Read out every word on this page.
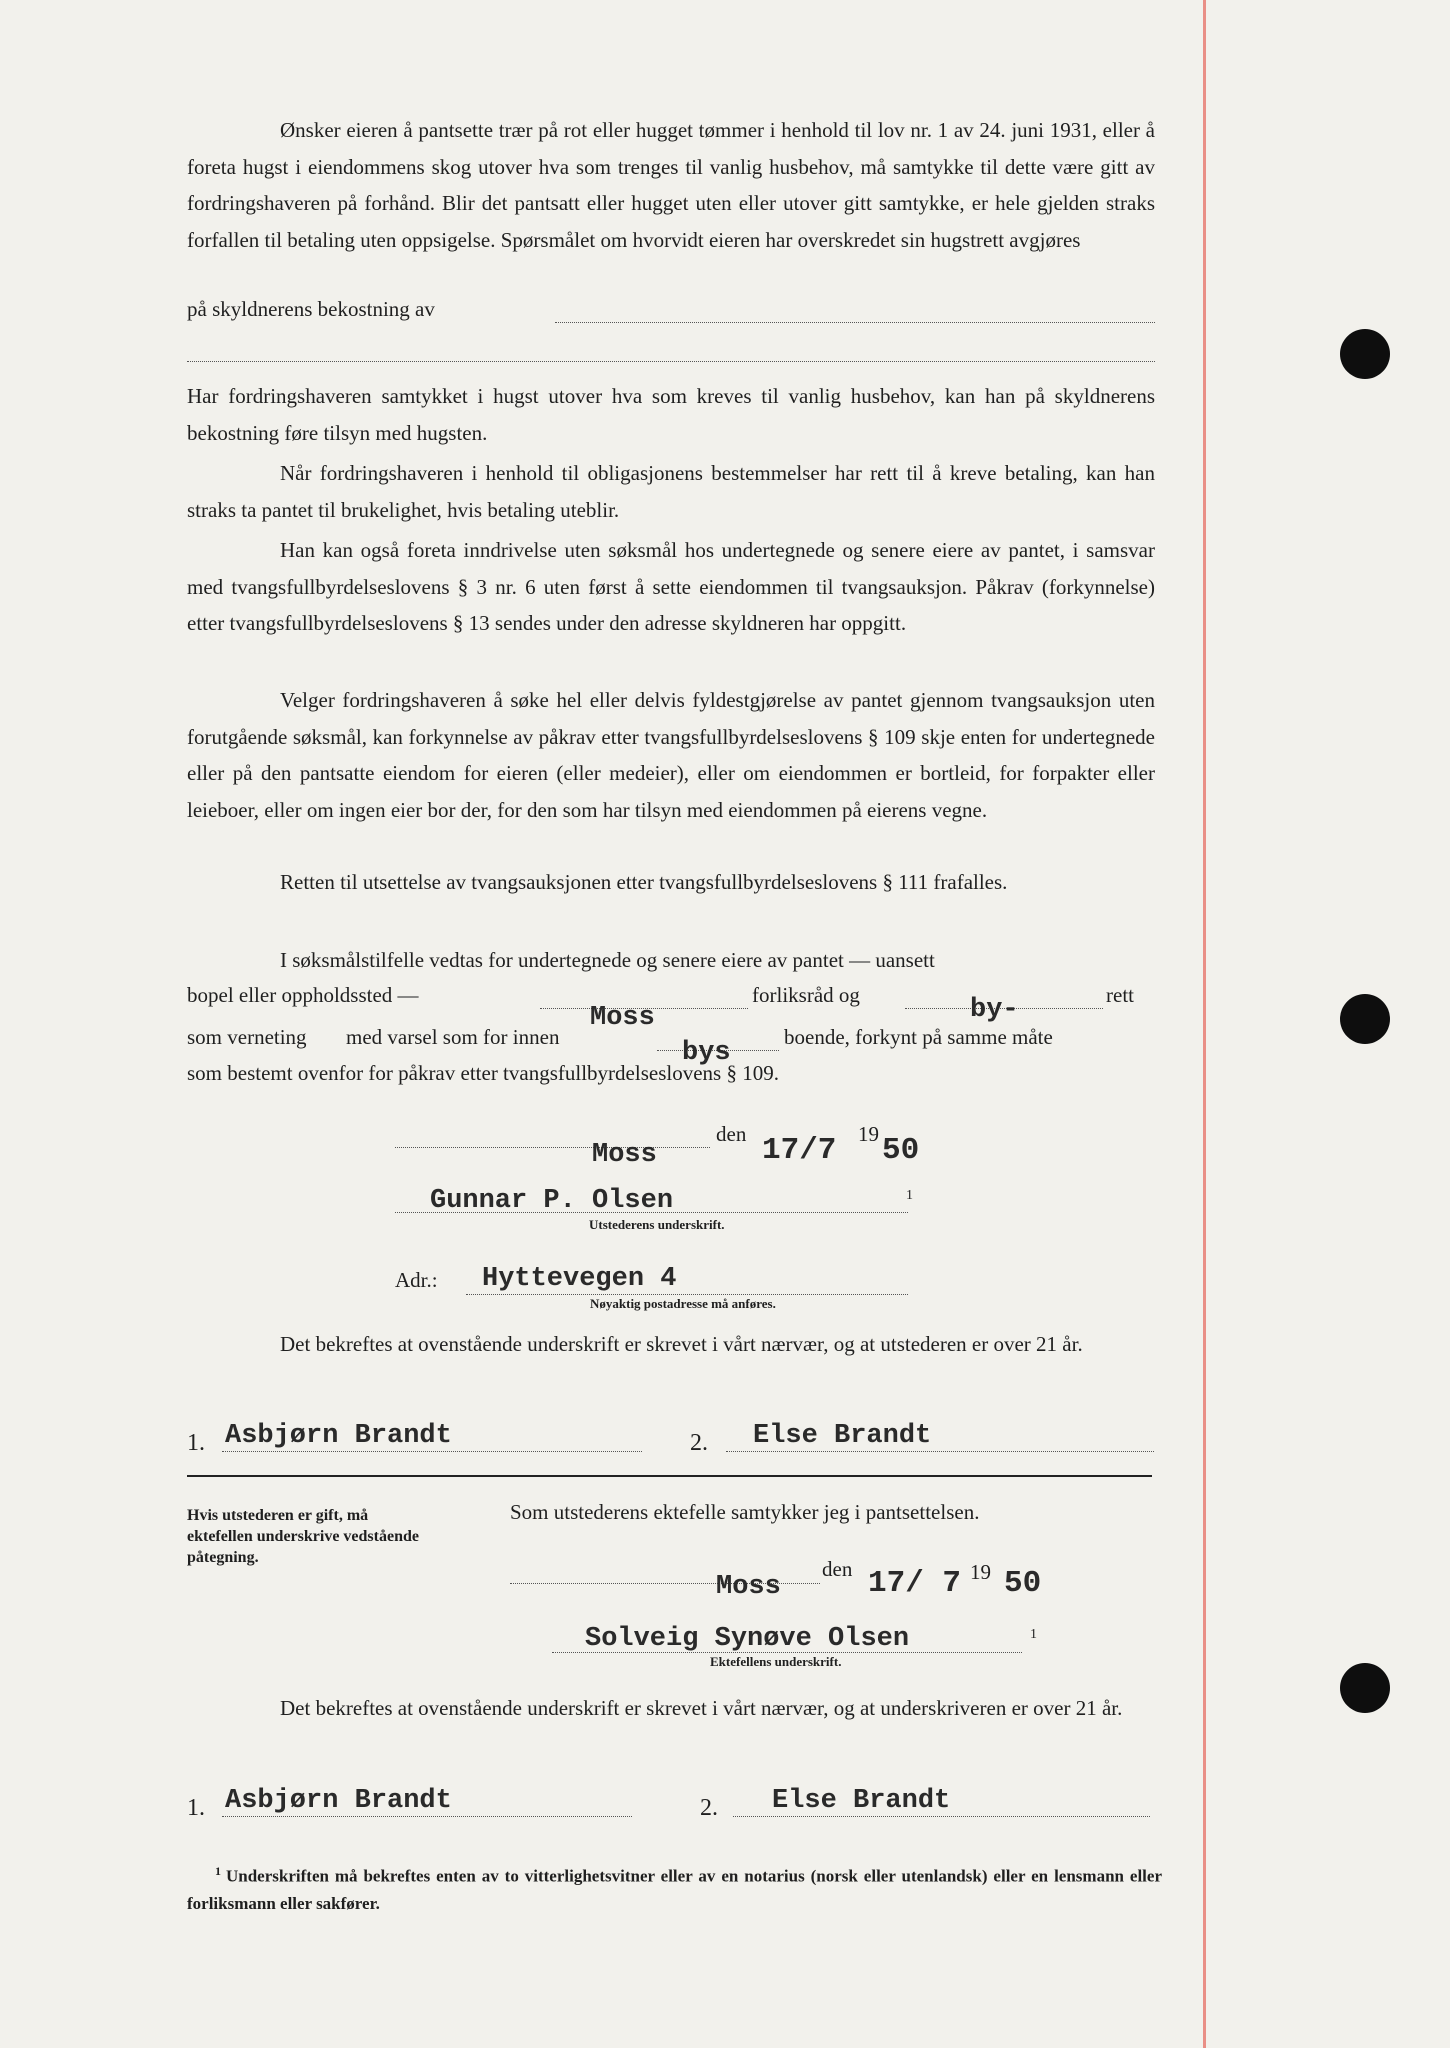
Ønsker eieren å pantsette trær på rot eller hugget tømmer i henhold til lov nr. 1 av 24. juni 1931, eller å foreta hugst i eiendommens skog utover hva som trenges til vanlig husbehov, må samtykke til dette være gitt av fordringshaveren på forhånd. Blir det pantsatt eller hugget uten eller utover gitt samtykke, er hele gjelden straks forfallen til betaling uten oppsigelse. Spørsmålet om hvorvidt eieren har overskredet sin hugstrett avgjøres

på skyldnerens bekostning av

Har fordringshaveren samtykket i hugst utover hva som kreves til vanlig husbehov, kan han på skyldnerens bekostning føre tilsyn med hugsten.

Når fordringshaveren i henhold til obligasjonens bestemmelser har rett til å kreve betaling, kan han straks ta pantet til brukelighet, hvis betaling uteblir.

Han kan også foreta inndrivelse uten søksmål hos undertegnede og senere eiere av pantet, i samsvar med tvangsfullbyrdelseslovens § 3 nr. 6 uten først å sette eiendommen til tvangsauksjon. Påkrav (forkynnelse) etter tvangsfullbyrdelseslovens § 13 sendes under den adresse skyldneren har oppgitt.

Velger fordringshaveren å søke hel eller delvis fyldestgjørelse av pantet gjennom tvangsauksjon uten forutgående søksmål, kan forkynnelse av påkrav etter tvangsfullbyrdelseslovens § 109 skje enten for undertegnede eller på den pantsatte eiendom for eieren (eller medeier), eller om eiendommen er bortleid, for forpakter eller leieboer, eller om ingen eier bor der, for den som har tilsyn med eiendommen på eierens vegne.

Retten til utsettelse av tvangsauksjonen etter tvangsfullbyrdelseslovens § 111 frafalles.

I søksmålstilfelle vedtas for undertegnede og senere eiere av pantet — uansett

bopel eller oppholdssted —	forliksråd og	rett
Moss	by-
som verneting med varsel som for innen
bys
boende, forkynt på samme måte
som bestemt ovenfor for påkrav etter tvangsfullbyrdelseslovens § 109.
Moss
den 17/7 19 50
Gunnar P. Olsen	1
Utstederens underskrift.
Adr.: Hyttevegen 4
Nøyaktig postadresse må anføres.

Det bekreftes at ovenstående underskrift er skrevet i vårt nærvær, og at utstederen er over 21 år.

1. Asbjørn Brandt	2. Else Brandt
Hvis utstederen er gift, må ektefellen underskrive vedstående påtegning.
Som utstederens ektefelle samtykker jeg i pantsettelsen.
Moss
den 17/ 7 19 50
Solveig Synøve Olsen	1
Ektefellens underskrift.

Det bekreftes at ovenstående underskrift er skrevet i vårt nærvær, og at underskriveren er over 21 år.

1. Asbjørn Brandt	2. Else Brandt
$^1$ Underskriften må bekreftes enten av to vitterlighetsvitner eller av en notarius (norsk eller utenlandsk) eller en lensmann eller forliksmann eller sakfører.
